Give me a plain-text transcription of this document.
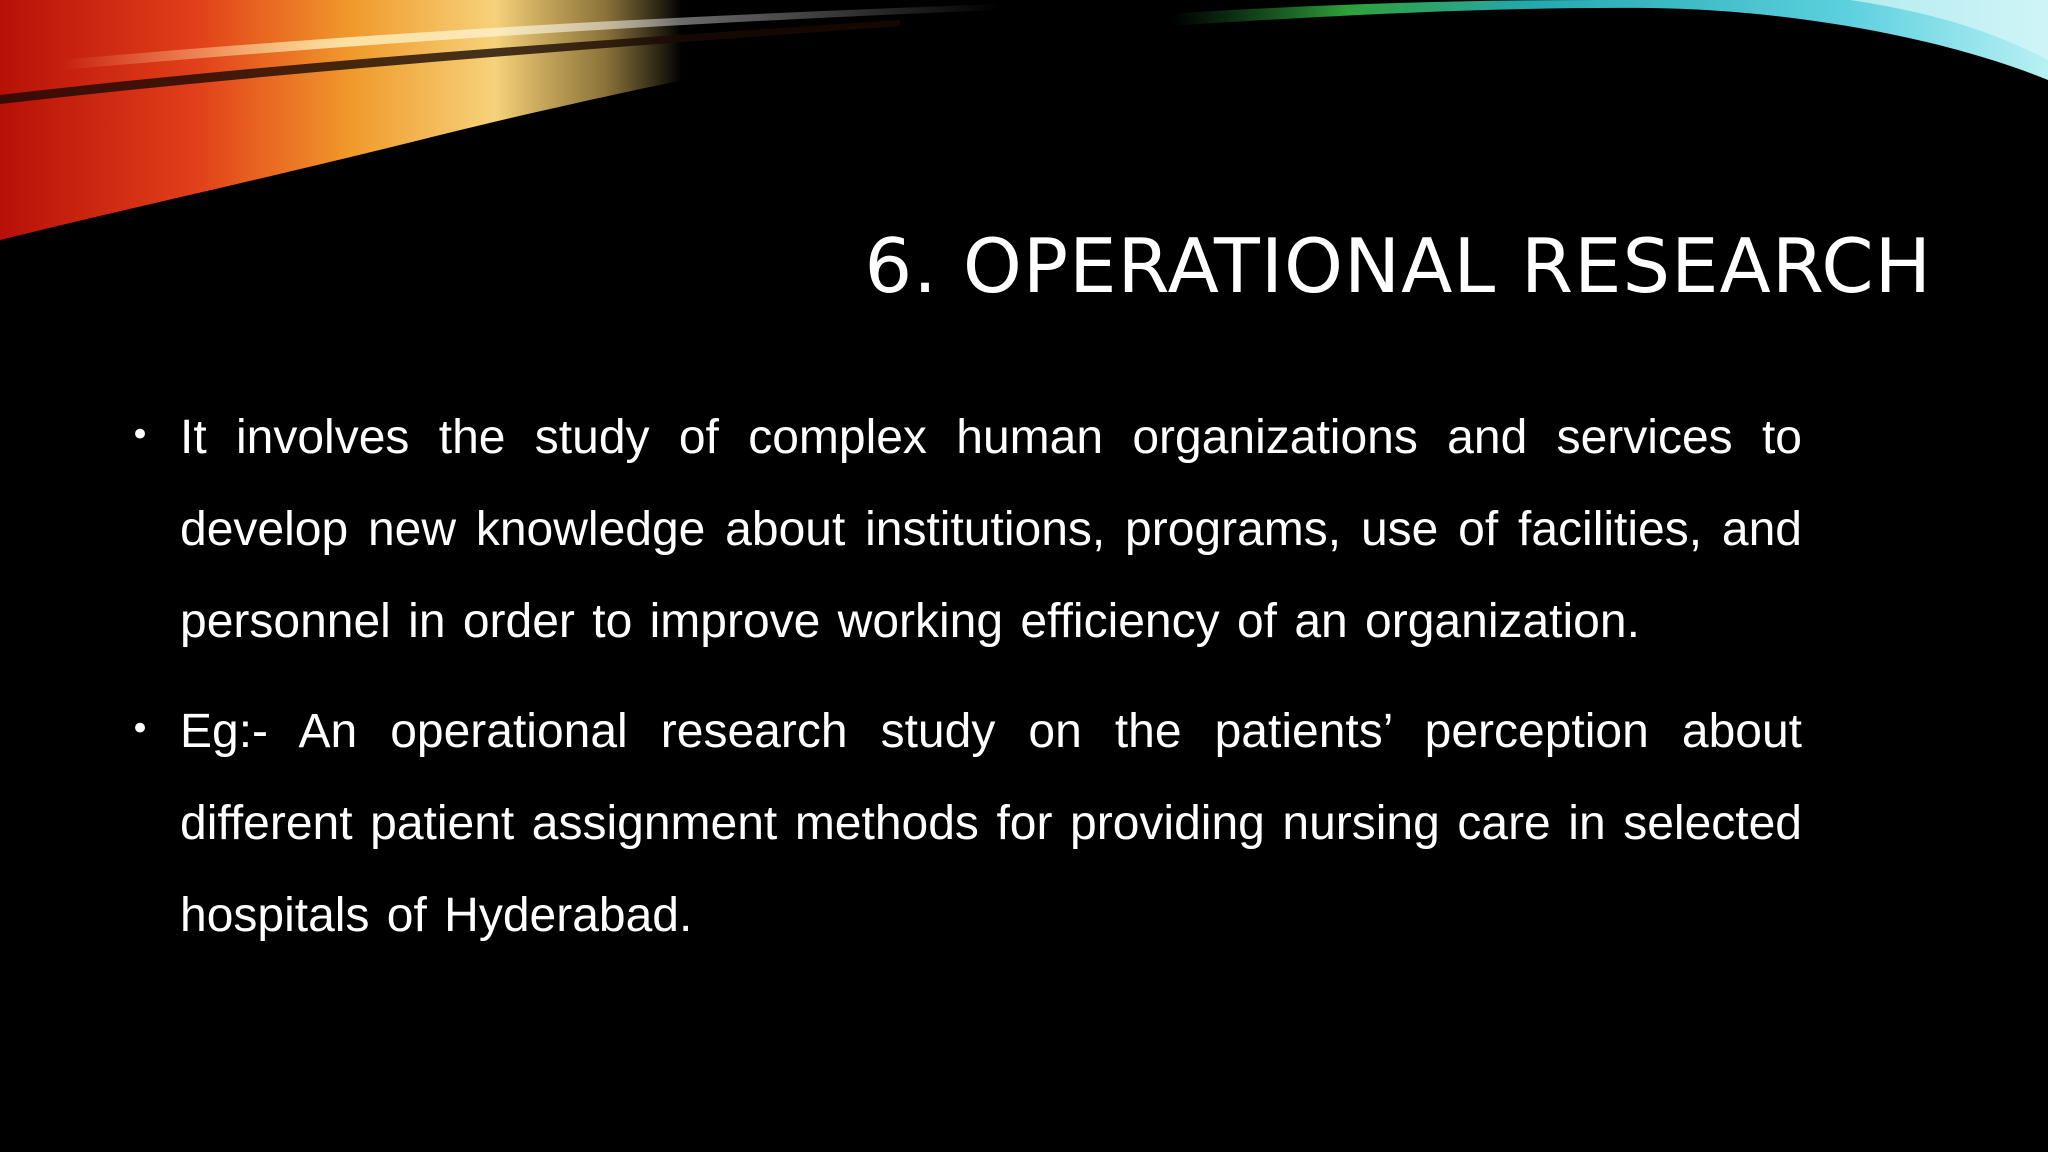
6. OPERATIONAL RESEARCH
• It involves the study of complex human organizations and services to develop new knowledge about institutions, programs, use of facilities, and personnel in order to improve working efficiency of an organization.
• Eg:- An operational research study on the patients’ perception about different patient assignment methods for providing nursing care in selected hospitals of Hyderabad.
